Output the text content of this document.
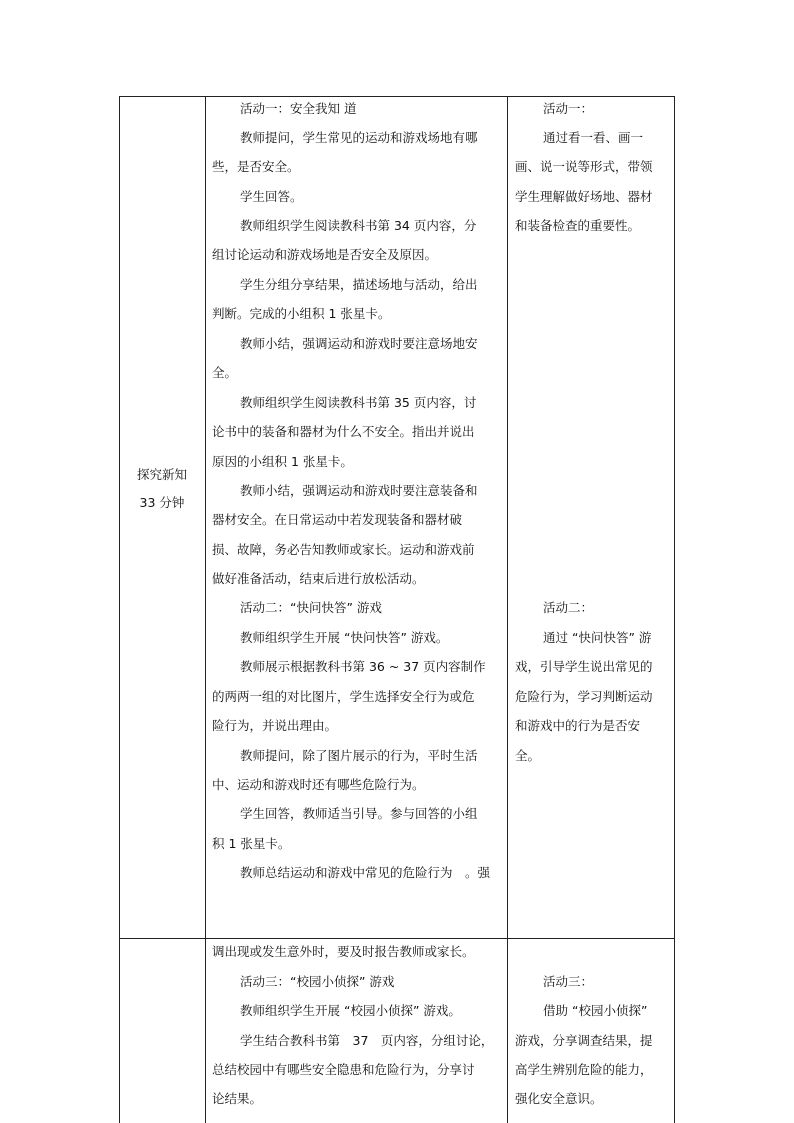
探究新知
33 分钟
活动一：安全我知 道
教师提问，学生常见的运动和游戏场地有哪
些，是否安全。
学生回答。
教师组织学生阅读教科书第 34 页内容，分
组讨论运动和游戏场地是否安全及原因。
学生分组分享结果，描述场地与活动，给出
判断。完成的小组积 1 张星卡。
教师小结，强调运动和游戏时要注意场地安
全。
教师组织学生阅读教科书第 35 页内容，讨
论书中的装备和器材为什么不安全。指出并说出
原因的小组积 1 张星卡。
教师小结，强调运动和游戏时要注意装备和
器材安全。在日常运动中若发现装备和器材破
损、故障，务必告知教师或家长。运动和游戏前
做好准备活动，结束后进行放松活动。
活动二：“快问快答” 游戏
教师组织学生开展 “快问快答” 游戏。
教师展示根据教科书第 36 ~ 37 页内容制作
的两两一组的对比图片，学生选择安全行为或危
险行为，并说出理由。
教师提问，除了图片展示的行为，平时生活
中、运动和游戏时还有哪些危险行为。
学生回答，教师适当引导。参与回答的小组
积 1 张星卡。
教师总结运动和游戏中常见的危险行为　。强
活动一：
通过看一看、画一
画、说一说等形式，带领
学生理解做好场地、器材
和装备检查的重要性。
活动二：
通过 “快问快答” 游
戏，引导学生说出常见的
危险行为，学习判断运动
和游戏中的行为是否安
全。
调出现或发生意外时，要及时报告教师或家长。
活动三：“校园小侦探” 游戏
教师组织学生开展 “校园小侦探” 游戏。
学生结合教科书第　37　页内容，分组讨论，
总结校园中有哪些安全隐患和危险行为，分享讨
论结果。
活动三：
借助 “校园小侦探”
游戏，分享调查结果，提
高学生辨别危险的能力，
强化安全意识。
